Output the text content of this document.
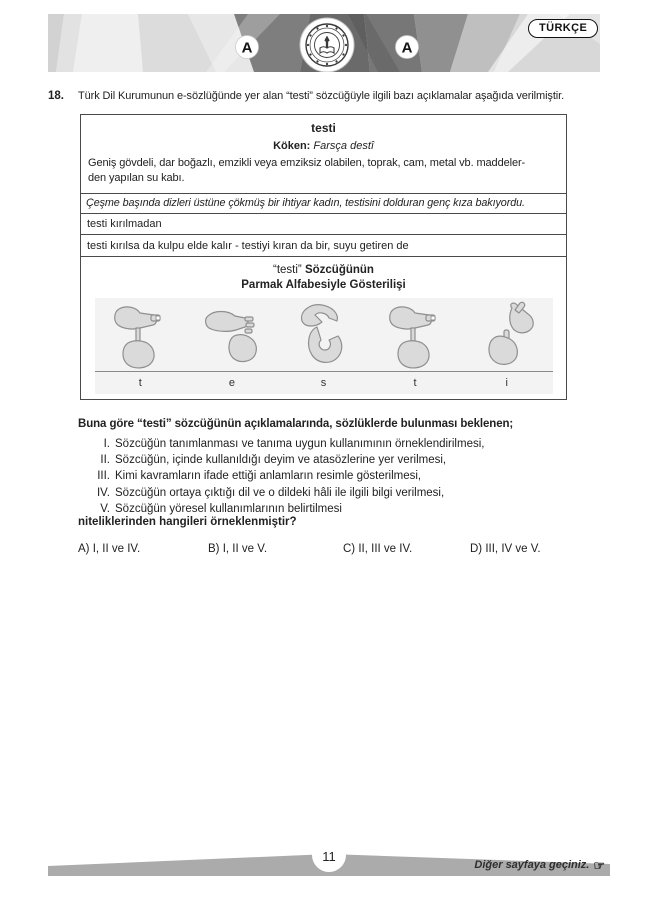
A	A
TÜRKÇE
18. Türk Dil Kurumunun e-sözlüğünde yer alan “testi” sözcüğüyle ilgili bazı açıklamalar aşağıda verilmiştir.
testi
Köken: Farsça destî
Geniş gövdeli, dar boğazlı, emzikli veya emziksiz olabilen, toprak, cam, metal vb. maddeler-
den yapılan su kabı.
Çeşme başında dizleri üstüne çökmüş bir ihtiyar kadın, testisini dolduran genç kıza bakıyordu.
testi kırılmadan
testi kırılsa da kulpu elde kalır - testiyi kıran da bir, suyu getiren de
“testi” Sözcüğünün
Parmak Alfabesiyle Gösterilişi
t	e	s	t	i
Buna göre “testi” sözcüğünün açıklamalarında, sözlüklerde bulunması beklenen;
I. Sözcüğün tanımlanması ve tanıma uygun kullanımının örneklendirilmesi,
II. Sözcüğün, içinde kullanıldığı deyim ve atasözlerine yer verilmesi,
III. Kimi kavramların ifade ettiği anlamların resimle gösterilmesi,
IV. Sözcüğün ortaya çıktığı dil ve o dildeki hâli ile ilgili bilgi verilmesi,
V. Sözcüğün yöresel kullanımlarının belirtilmesi
niteliklerinden hangileri örneklenmiştir?
A) I, II ve IV.	B) I, II ve V.	C) II, III ve IV.	D) III, IV ve V.
11
Diğer sayfaya geçiniz. ☞
